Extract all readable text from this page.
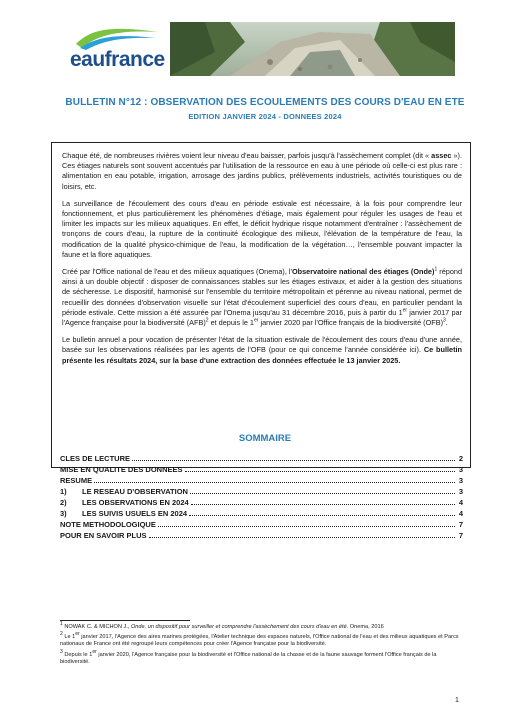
eaufrance
BULLETIN N°12 : OBSERVATION DES ECOULEMENTS DES COURS D'EAU EN ETE
EDITION JANVIER 2024 - DONNEES 2024

Chaque été, de nombreuses rivières voient leur niveau d'eau baisser, parfois jusqu'à l'assèchement complet (dit « assec »). Ces étiages naturels sont souvent accentués par l'utilisation de la ressource en eau à une période où celle-ci est plus rare : alimentation en eau potable, irrigation, arrosage des jardins publics, prélèvements industriels, activités touristiques ou de loisirs, etc.

La surveillance de l'écoulement des cours d'eau en période estivale est nécessaire, à la fois pour comprendre leur fonctionnement, et plus particulièrement les phénomènes d'étiage, mais également pour réguler les usages de l'eau et limiter les impacts sur les milieux aquatiques. En effet, le déficit hydrique risque notamment d'entraîner : l'assèchement de tronçons de cours d'eau, la rupture de la continuité écologique des milieux, l'élévation de la température de l'eau, la modification de la qualité physico-chimique de l'eau, la modification de la végétation…, l'ensemble pouvant impacter la faune et la flore aquatiques.

Créé par l'Office national de l'eau et des milieux aquatiques (Onema), l'Observatoire national des étiages (Onde)$^1$ répond ainsi à un double objectif : disposer de connaissances stables sur les étiages estivaux, et aider à la gestion des situations de sécheresse. Le dispositif, harmonisé sur l'ensemble du territoire métropolitain et pérenne au niveau national, permet de recueillir des données d'observation visuelle sur l'état d'écoulement superficiel des cours d'eau, en particulier pendant la période estivale. Cette mission a été assurée par l'Onema jusqu'au 31 décembre 2016, puis à partir du 1er janvier 2017 par l'Agence française pour la biodiversité (AFB)$^2$ et depuis le 1er janvier 2020 par l'Office français de la biodiversité (OFB)$^3$.

Le bulletin annuel a pour vocation de présenter l'état de la situation estivale de l'écoulement des cours d'eau d'une année, basée sur les observations réalisées par les agents de l'OFB (pour ce qui concerne l'année considérée ici). Ce bulletin présente les résultats 2024, sur la base d'une extraction des données effectuée le 13 janvier 2025.

SOMMAIRE
CLES DE LECTURE	2
MISE EN QUALITE DES DONNEES	3
RESUME	3
1)	LE RESEAU D'OBSERVATION	3
2)	LES OBSERVATIONS EN 2024	4
3)	LES SUIVIS USUELS EN 2024	4
NOTE METHODOLOGIQUE	7
POUR EN SAVOIR PLUS	7

$^1$ NOWAK C. & MICHON J., Onde, un dispositif pour surveiller et comprendre l'assèchement des cours d'eau en été. Onema, 2016

$^2$ Le 1er janvier 2017, l'Agence des aires marines protégées, l'Atelier technique des espaces naturels, l'Office national de l'eau et des milieux aquatiques et Parcs nationaux de France ont été regroupé leurs compétences pour créer l'Agence française pour la biodiversité.

$^3$ Depuis le 1er janvier 2020, l'Agence française pour la biodiversité et l'Office national de la chasse et de la faune sauvage forment l'Office français de la biodiversité.

1
